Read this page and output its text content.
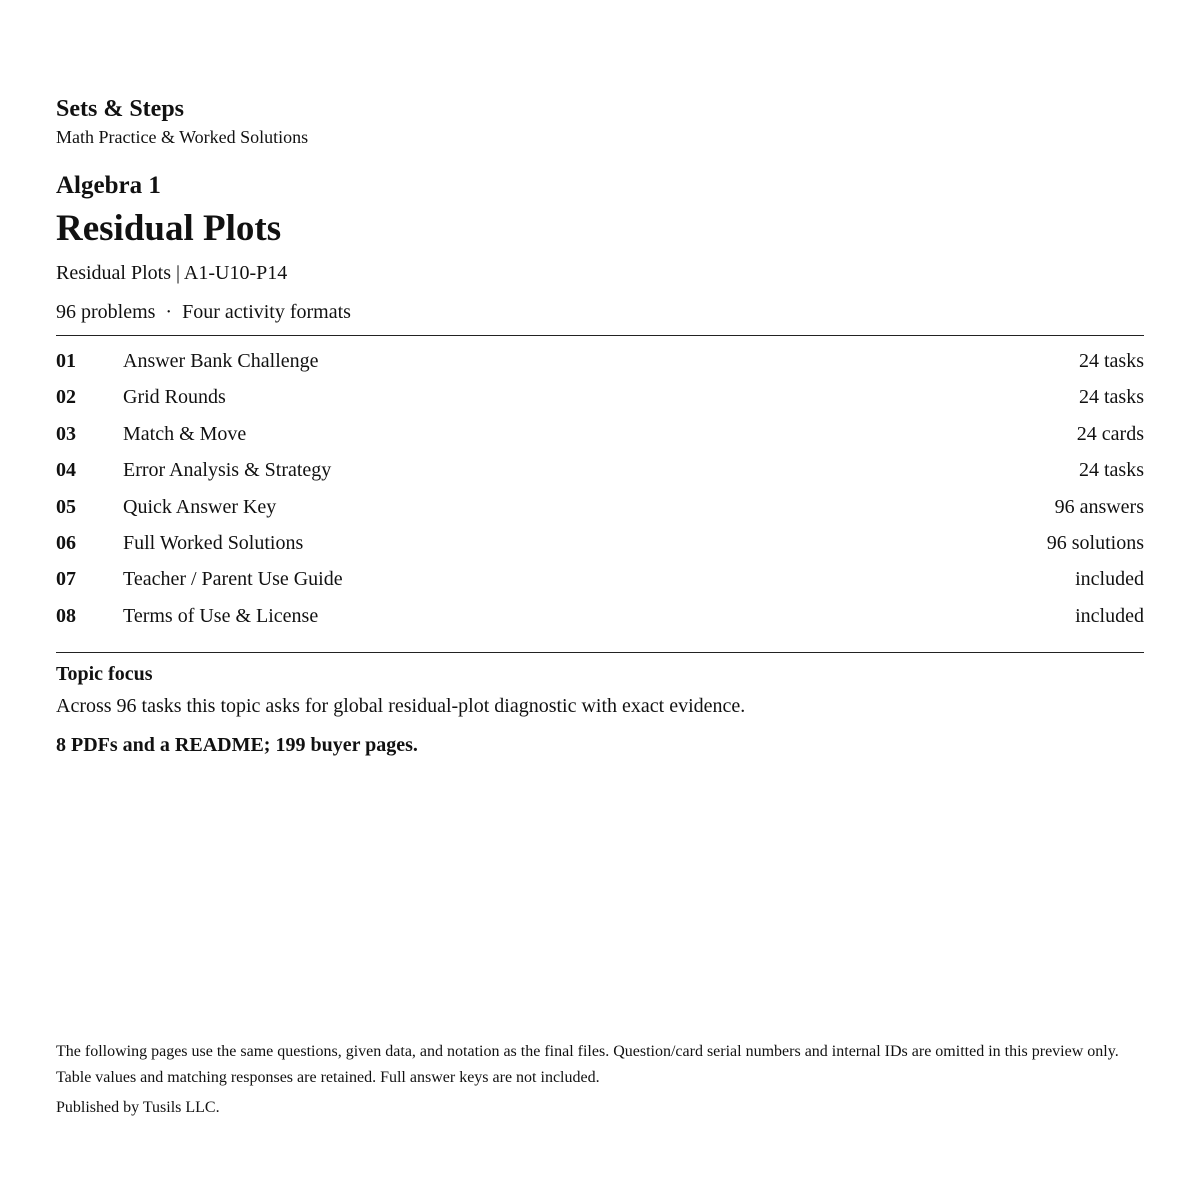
Sets & Steps
Math Practice & Worked Solutions
Algebra 1
Residual Plots
Residual Plots | A1-U10-P14
96 problems  ·  Four activity formats
01	Answer Bank Challenge	24 tasks
02	Grid Rounds	24 tasks
03	Match & Move	24 cards
04	Error Analysis & Strategy	24 tasks
05	Quick Answer Key	96 answers
06	Full Worked Solutions	96 solutions
07	Teacher / Parent Use Guide	included
08	Terms of Use & License	included
Topic focus
Across 96 tasks this topic asks for global residual-plot diagnostic with exact evidence.
8 PDFs and a README; 199 buyer pages.
The following pages use the same questions, given data, and notation as the final files. Question/card serial numbers and internal IDs are omitted in this preview only. Table values and matching responses are retained. Full answer keys are not included.
Published by Tusils LLC.
